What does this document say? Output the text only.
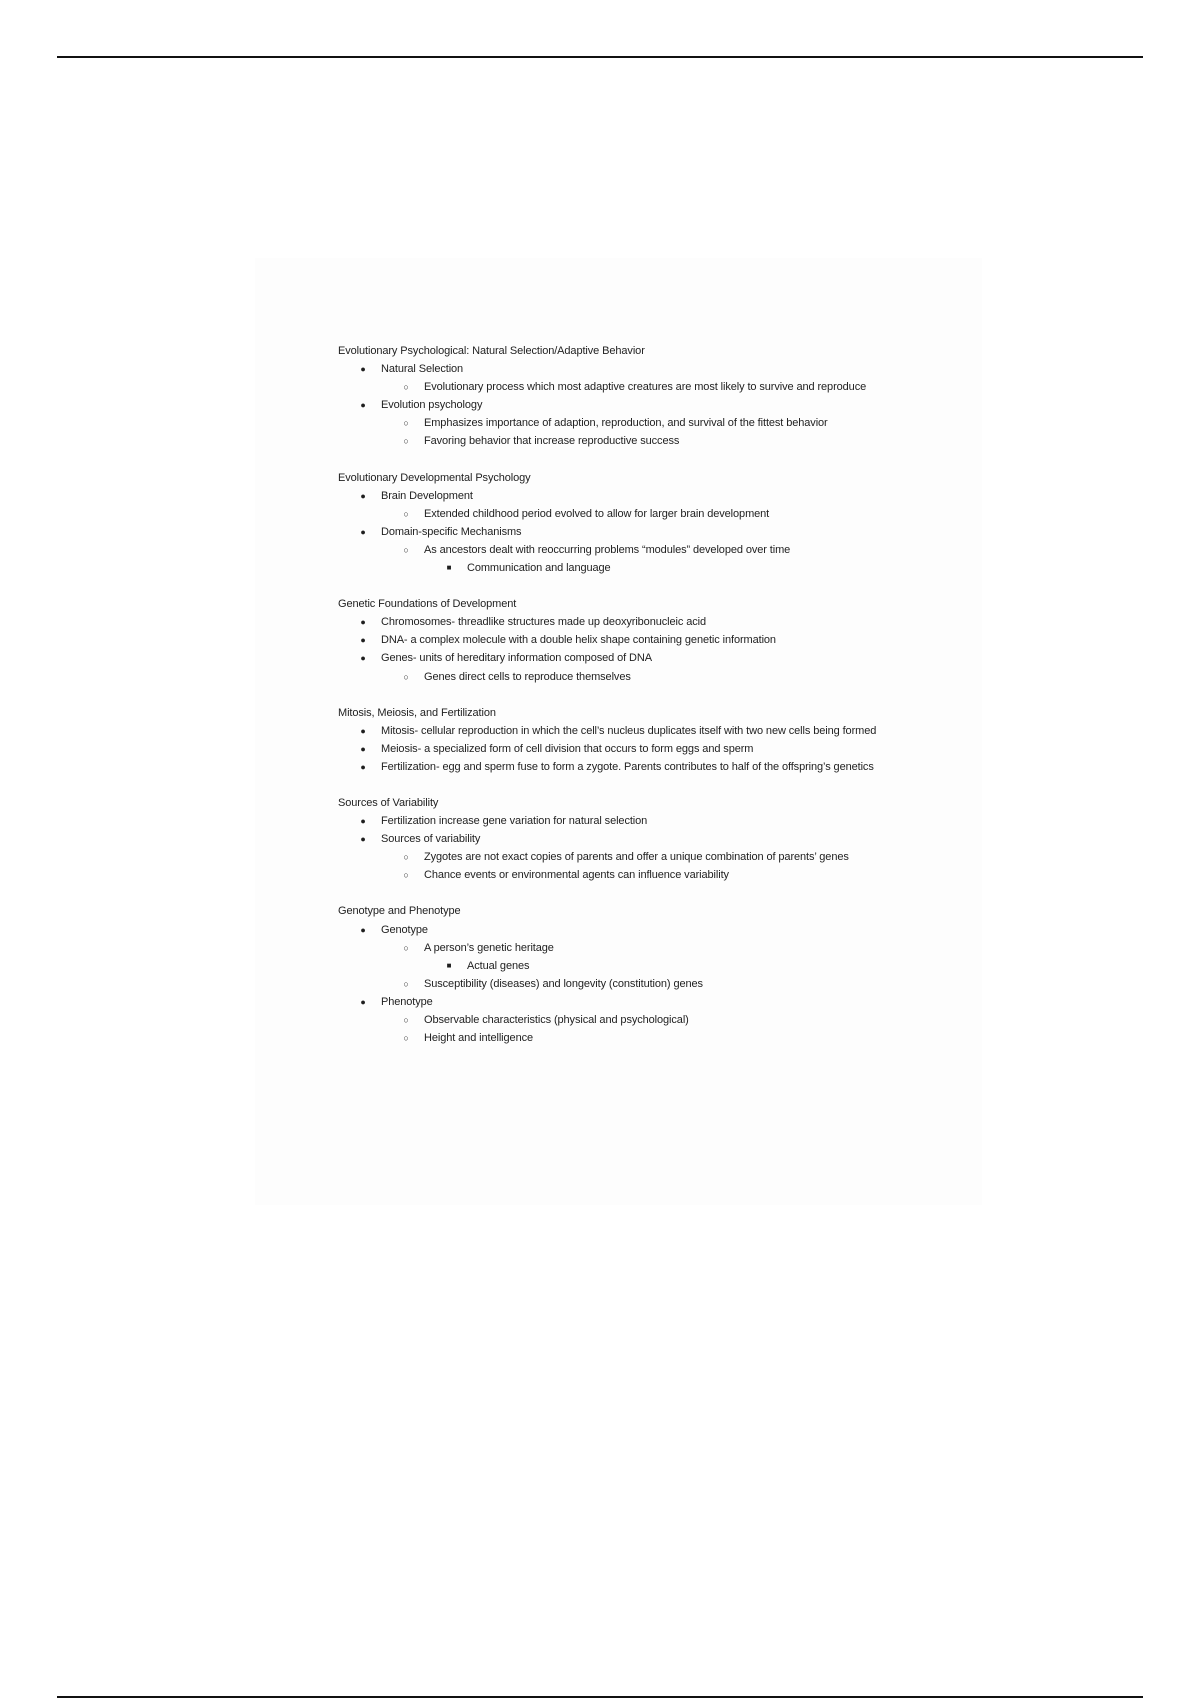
Evolutionary Psychological: Natural Selection/Adaptive Behavior

●	Natural Selection
○	Evolutionary process which most adaptive creatures are most likely to survive and reproduce
●	Evolution psychology
○	Emphasizes importance of adaption, reproduction, and survival of the fittest behavior
○	Favoring behavior that increase reproductive success

Evolutionary Developmental Psychology

●	Brain Development
○	Extended childhood period evolved to allow for larger brain development
●	Domain-specific Mechanisms
○	As ancestors dealt with reoccurring problems “modules” developed over time
■	Communication and language

Genetic Foundations of Development

●	Chromosomes- threadlike structures made up deoxyribonucleic acid
●	DNA- a complex molecule with a double helix shape containing genetic information
●	Genes- units of hereditary information composed of DNA
○	Genes direct cells to reproduce themselves

Mitosis, Meiosis, and Fertilization

●	Mitosis- cellular reproduction in which the cell’s nucleus duplicates itself with two new cells being formed
●	Meiosis- a specialized form of cell division that occurs to form eggs and sperm
●	Fertilization- egg and sperm fuse to form a zygote. Parents contributes to half of the offspring’s genetics

Sources of Variability

●	Fertilization increase gene variation for natural selection
●	Sources of variability
○	Zygotes are not exact copies of parents and offer a unique combination of parents’ genes
○	Chance events or environmental agents can influence variability

Genotype and Phenotype

●	Genotype
○	A person’s genetic heritage
■	Actual genes
○	Susceptibility (diseases) and longevity (constitution) genes
●	Phenotype
○	Observable characteristics (physical and psychological)
○	Height and intelligence
